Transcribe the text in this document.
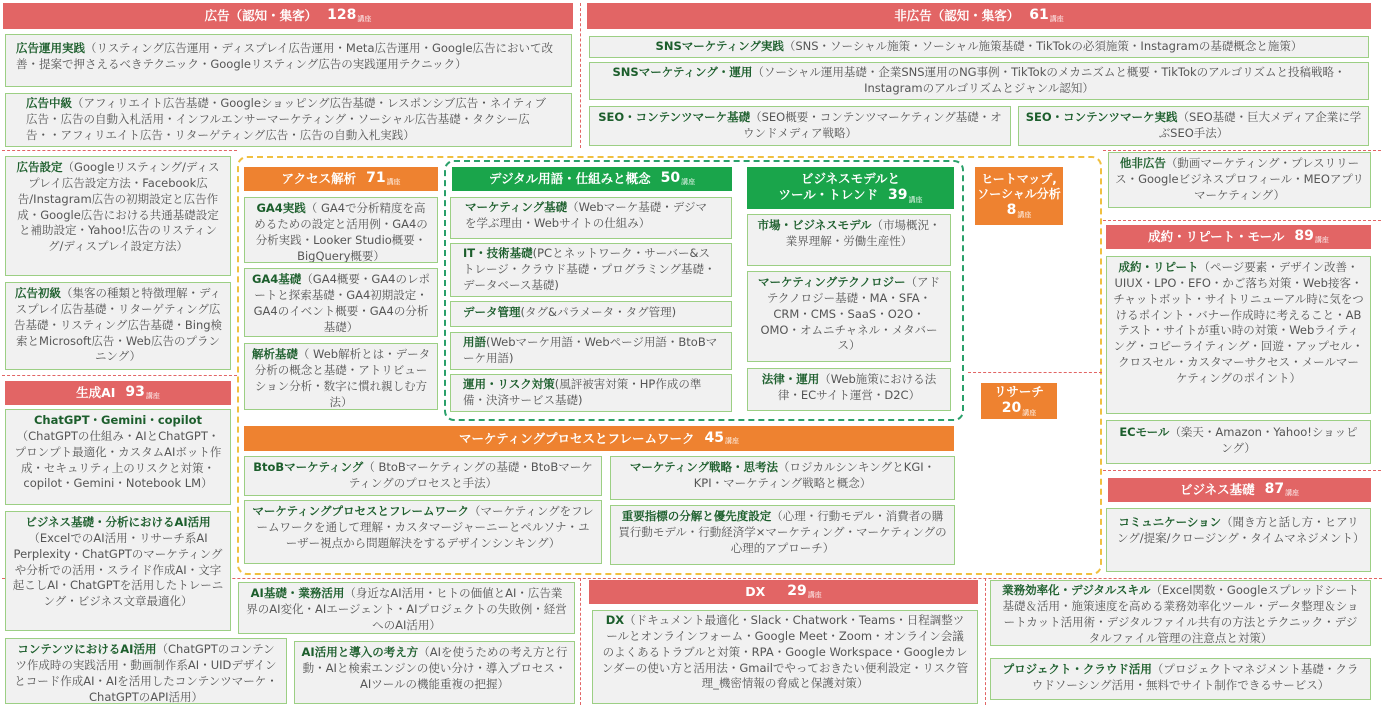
広告（認知・集客） 128 講座	非広告（認知・集客） 61 講座
広告運用実践（リスティング広告運用・ディスプレイ広告運用・Meta広告運用・Google広告において改善・提案で押さえるべきテクニック・Googleリスティング広告の実践運用テクニック）
広告中級（アフィリエイト広告基礎・Googleショッピング広告基礎・レスポンシブ広告・ネイティブ広告・広告の自動入札活用・インフルエンサーマーケティング・ソーシャル広告基礎・タクシー広告・・アフィリエイト広告・リターゲティング広告・広告の自動入札実践）
広告設定（Googleリスティング/ディスプレイ広告設定方法・Facebook広告/Instagram広告の初期設定と広告作成・Google広告における共通基礎設定と補助設定・Yahoo!広告のリスティング/ディスプレイ設定方法）
広告初級（集客の種類と特徴理解・ディスプレイ広告基礎・リターゲティング広告基礎・リスティング広告基礎・Bing検索とMicrosoft広告・Web広告のプランニング）
SNSマーケティング実践（SNS・ソーシャル施策・ソーシャル施策基礎・TikTokの必須施策・Instagramの基礎概念と施策）
SNSマーケティング・運用（ソーシャル運用基礎・企業SNS運用のNG事例・TikTokのメカニズムと概要・TikTokのアルゴリズムと投稿戦略・Instagramのアルゴリズムとジャンル認知）
SEO・コンテンツマーケ基礎（SEO概要・コンテンツマーケティング基礎・オウンドメディア戦略）
SEO・コンテンツマーケ実践（SEO基礎・巨大メディア企業に学ぶSEO手法）
他非広告（動画マーケティング・プレスリリース・Googleビジネスプロフィール・MEOアプリマーケティング）
アクセス解析 71 講座
GA4実践（ GA4で分析精度を高めるための設定と活用例・GA4の分析実践・Looker Studio概要・BigQuery概要）
GA4基礎（GA4概要・GA4のレポートと探索基礎・GA4初期設定・GA4のイベント概要・GA4の分析基礎）
解析基礎（ Web解析とは・データ分析の概念と基礎・アトリビューション分析・数字に慣れ親しむ方法）
デジタル用語・仕組みと概念 50 講座
マーケティング基礎（Webマーケ基礎・デジマを学ぶ理由・Webサイトの仕組み）
IT・技術基礎(PCとネットワーク・サーバー&ストレージ・クラウド基礎・プログラミング基礎・データベース基礎)
データ管理(タグ&パラメータ・タグ管理)
用語(Webマーケ用語・Webページ用語・BtoBマーケ用語)
運用・リスク対策(風評被害対策・HP作成の準備・決済サービス基礎)
ビジネスモデルと
ツール・トレンド $39_{講座}$
市場・ビジネスモデル（市場概況・業界理解・労働生産性）
マーケティングテクノロジー（アドテクノロジー基礎・MA・SFA・CRM・CMS・SaaS・O2O・OMO・オムニチャネル・メタバース）
法律・運用（Web施策における法律・ECサイト運営・D2C）
ヒートマップ,
ソーシャル分析
$8_{講座}$
ヒートマップ,ソーシャル分析（ヒートマップ・ソーシャル分析）
リサーチ
$20_{講座}$
リサーチ（自社/顧客/競合への解像度を高める手法・市場調査・ネットリサーチ・統計基礎）
マーケティングプロセスとフレームワーク 45 講座
BtoBマーケティング（ BtoBマーケティングの基礎・BtoBマーケティングのプロセスと手法）
マーケティング戦略・思考法（ロジカルシンキングとKGI・KPI・マーケティング戦略と概念）
マーケティングプロセスとフレームワーク（マーケティングをフレームワークを通して理解・カスタマージャーニーとペルソナ・ユーザー視点から問題解決をするデザインシンキング）
重要指標の分解と優先度設定（心理・行動モデル・消費者の購買行動モデル・行動経済学×マーケティング・マーケティングの心理的アプローチ）
生成AI 93 講座
ChatGPT・Gemini・copilot
（ChatGPTの仕組み・AIとChatGPT・プロンプト最適化・カスタムAIボット作成・セキュリティ上のリスクと対策・copilot・Gemini・Notebook LM）
ビジネス基礎・分析におけるAI活用（ExcelでのAI活用・リサーチ系AI Perplexity・ChatGPTのマーケティングや分析での活用・スライド作成AI・文字起こしAI・ChatGPTを活用したトレーニング・ビジネス文章最適化）
コンテンツにおけるAI活用（ChatGPTのコンテンツ作成時の実践活用・動画制作系AI・UIDデザインとコード作成AI・AIを活用したコンテンツマーケ・ChatGPTのAPI活用）
AI基礎・業務活用（身近なAI活用・ヒトの価値とAI・広告業界のAI変化・AIエージェント・AIプロジェクトの失敗例・経営へのAI活用）
AI活用と導入の考え方（AIを使うための考え方と行動・AIと検索エンジンの使い分け・導入プロセス・AIツールの機能重複の把握）
DX 29 講座
DX（ドキュメント最適化・Slack・Chatwork・Teams・日程調整ツールとオンラインフォーム・Google Meet・Zoom・オンライン会議のよくあるトラブルと対策・RPA・Google Workspace・Googleカレンダーの使い方と活用法・Gmailでやっておきたい便利設定・リスク管理_機密情報の脅威と保護対策）
成約・リピート・モール 89 講座
成約・リピート（ページ要素・デザイン改善・UIUX・LPO・EFO・かご落ち対策・Web接客・チャットボット・サイトリニューアル時に気をつけるポイント・バナー作成時に考えること・ABテスト・サイトが重い時の対策・Webライティング・コピーライティング・回遊・アップセル・クロスセル・カスタマーサクセス・メールマーケティングのポイント）
ECモール（楽天・Amazon・Yahoo!ショッピング）
ビジネス基礎 87 講座
コミュニケーション（聞き方と話し方・ヒアリング/提案/クロージング・タイムマネジメント）
業務効率化・デジタルスキル（Excel関数・Googleスプレッドシート基礎＆活用・施策速度を高める業務効率化ツール・データ整理＆ショートカット活用術・デジタルファイル共有の方法とテクニック・デジタルファイル管理の注意点と対策）
プロジェクト・クラウド活用（プロジェクトマネジメント基礎・クラウドソーシング活用・無料でサイト制作できるサービス）
